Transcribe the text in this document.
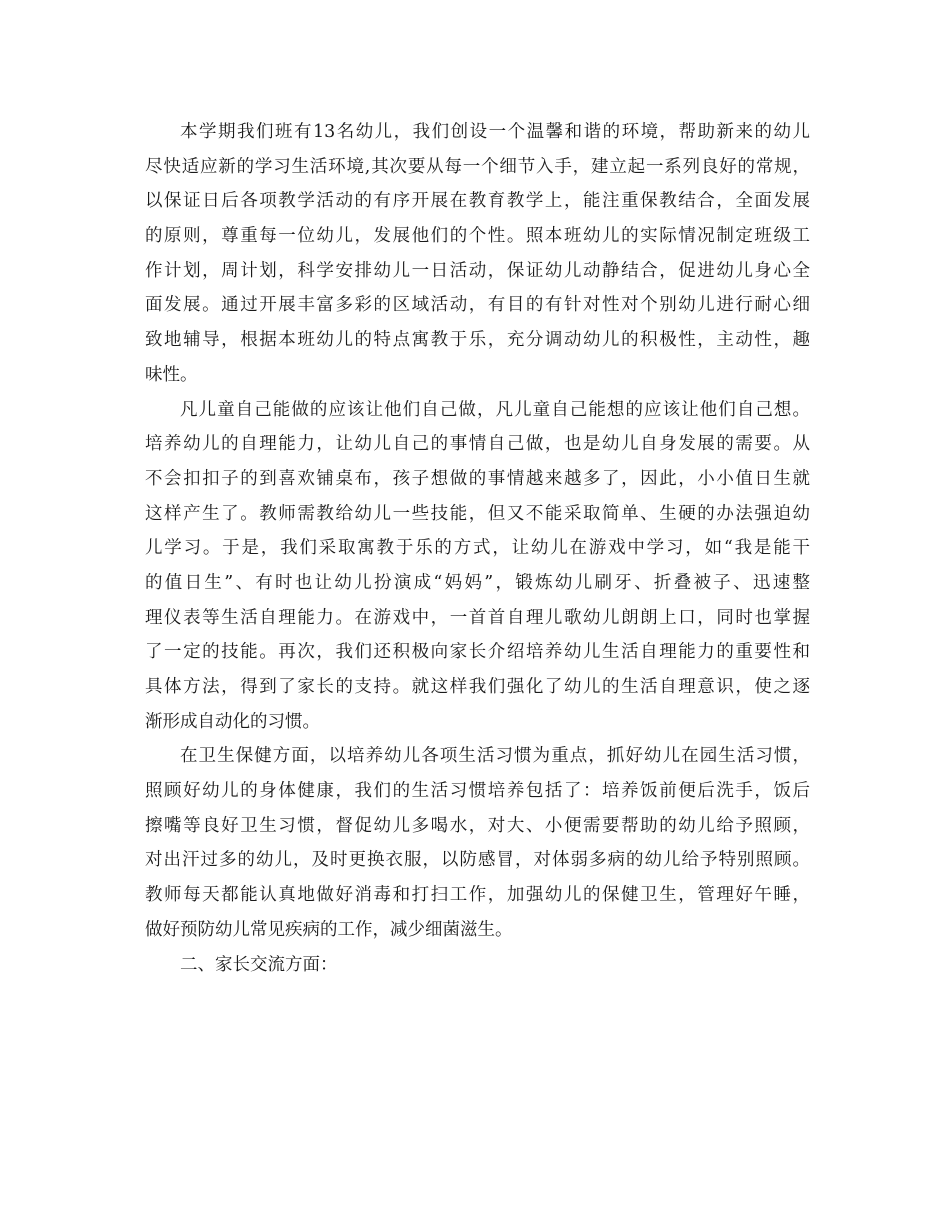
本学期我们班有13名幼儿，我们创设一个温馨和谐的环境，帮助新来的幼儿
尽快适应新的学习生活环境,其次要从每一个细节入手，建立起一系列良好的常规，
以保证日后各项教学活动的有序开展在教育教学上，能注重保教结合，全面发展
的原则，尊重每一位幼儿，发展他们的个性。照本班幼儿的实际情况制定班级工
作计划，周计划，科学安排幼儿一日活动，保证幼儿动静结合，促进幼儿身心全
面发展。通过开展丰富多彩的区域活动，有目的有针对性对个别幼儿进行耐心细
致地辅导，根据本班幼儿的特点寓教于乐，充分调动幼儿的积极性，主动性，趣
味性。
凡儿童自己能做的应该让他们自己做，凡儿童自己能想的应该让他们自己想。
培养幼儿的自理能力，让幼儿自己的事情自己做，也是幼儿自身发展的需要。从
不会扣扣子的到喜欢铺桌布，孩子想做的事情越来越多了，因此，小小值日生就
这样产生了。教师需教给幼儿一些技能，但又不能采取简单、生硬的办法强迫幼
儿学习。于是，我们采取寓教于乐的方式，让幼儿在游戏中学习，如“我是能干
的值日生”、有时也让幼儿扮演成“妈妈”，锻炼幼儿刷牙、折叠被子、迅速整
理仪表等生活自理能力。在游戏中，一首首自理儿歌幼儿朗朗上口，同时也掌握
了一定的技能。再次，我们还积极向家长介绍培养幼儿生活自理能力的重要性和
具体方法，得到了家长的支持。就这样我们强化了幼儿的生活自理意识，使之逐
渐形成自动化的习惯。
在卫生保健方面，以培养幼儿各项生活习惯为重点，抓好幼儿在园生活习惯，
照顾好幼儿的身体健康，我们的生活习惯培养包括了：培养饭前便后洗手，饭后
擦嘴等良好卫生习惯，督促幼儿多喝水，对大、小便需要帮助的幼儿给予照顾，
对出汗过多的幼儿，及时更换衣服，以防感冒，对体弱多病的幼儿给予特别照顾。
教师每天都能认真地做好消毒和打扫工作，加强幼儿的保健卫生，管理好午睡，
做好预防幼儿常见疾病的工作，减少细菌滋生。
二、家长交流方面：
